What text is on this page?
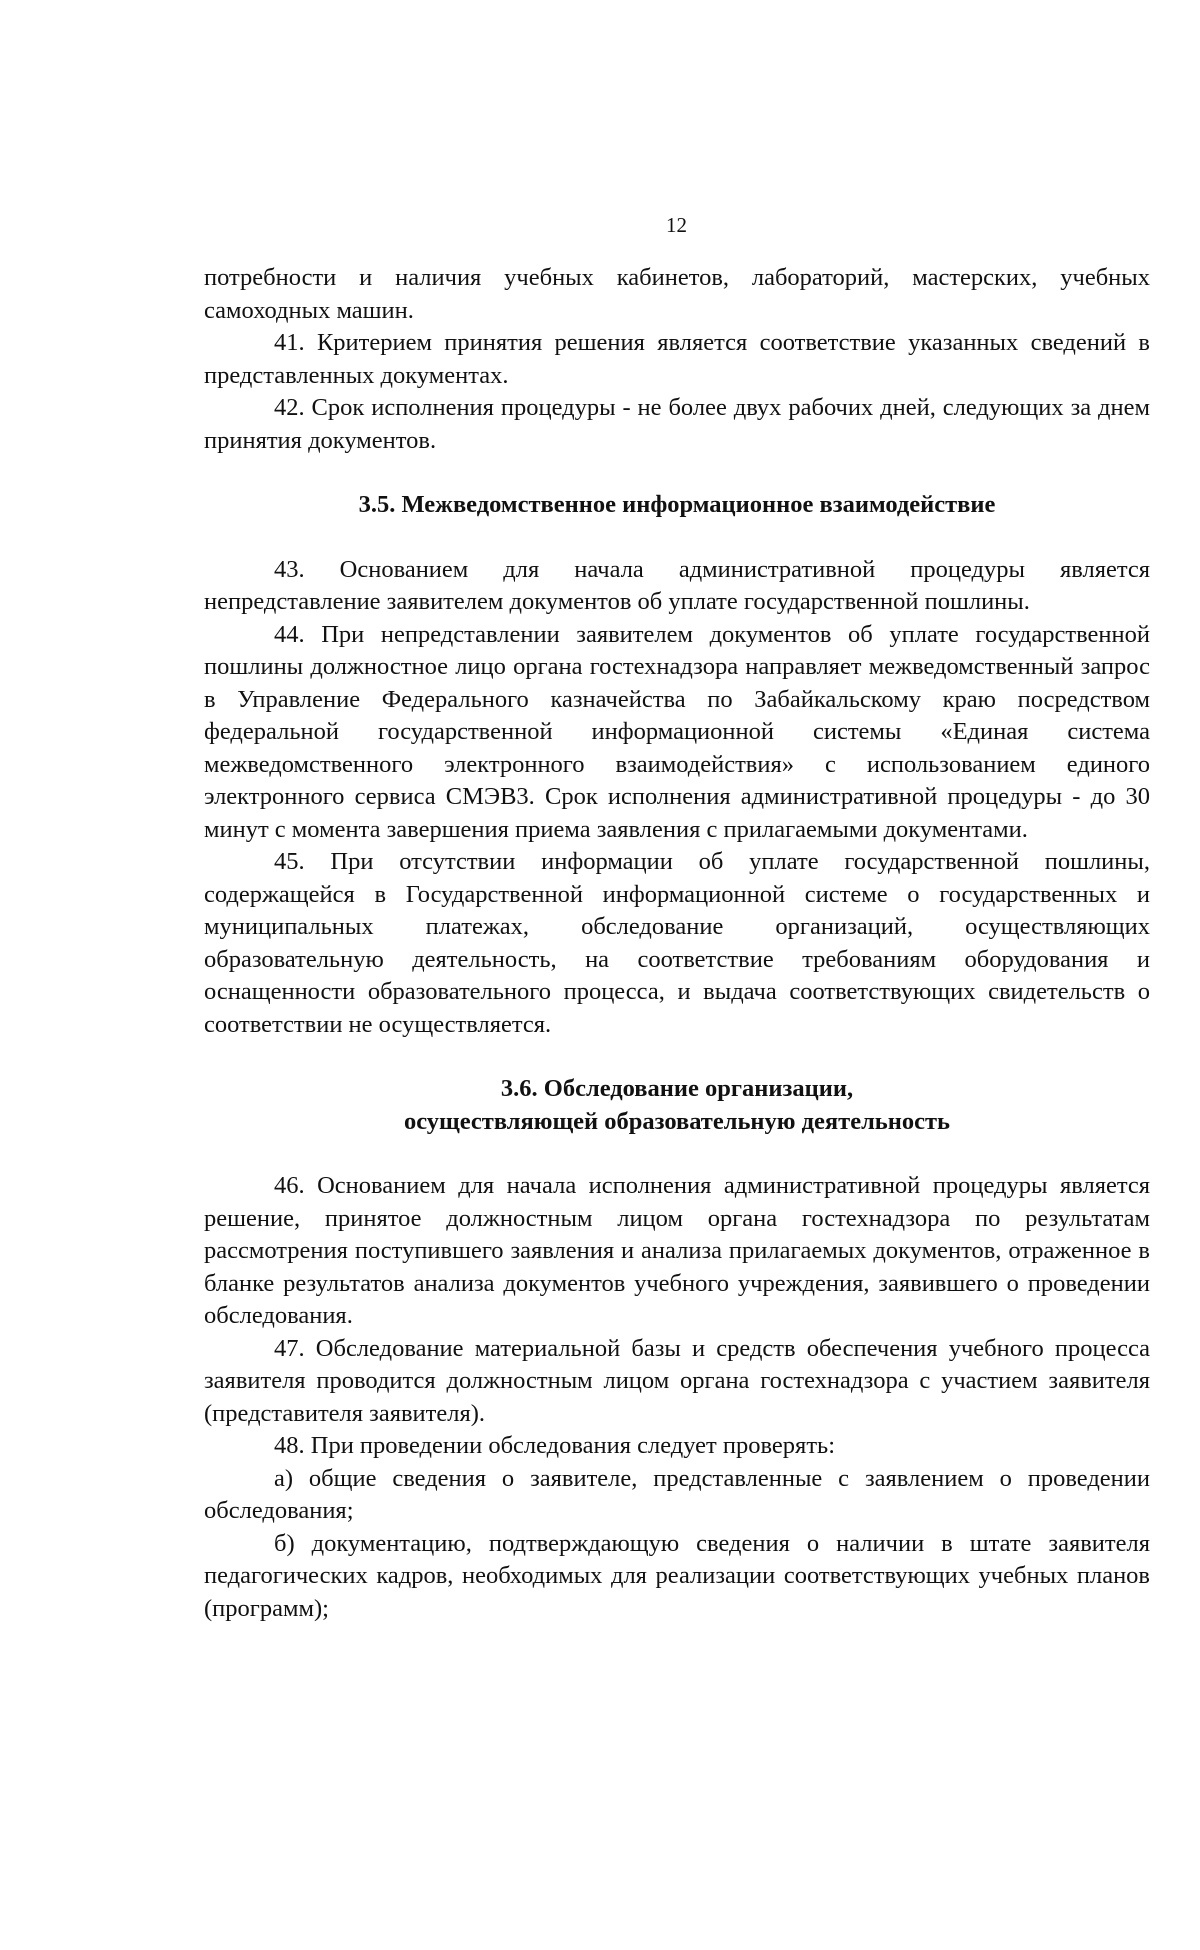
12

потребности и наличия учебных кабинетов, лабораторий, мастерских, учебных самоходных машин.

41. Критерием принятия решения является соответствие указанных сведений в представленных документах.

42. Срок исполнения процедуры - не более двух рабочих дней, следующих за днем принятия документов.

3.5. Межведомственное информационное взаимодействие

43. Основанием для начала административной процедуры является непредставление заявителем документов об уплате государственной пошлины.

44. При непредставлении заявителем документов об уплате государственной пошлины должностное лицо органа гостехнадзора направляет межведомственный запрос в Управление Федерального казначейства по Забайкальскому краю посредством федеральной государственной информационной системы «Единая система межведомственного электронного взаимодействия» с использованием единого электронного сервиса СМЭВ3. Срок исполнения административной процедуры - до 30 минут с момента завершения приема заявления с прилагаемыми документами.

45. При отсутствии информации об уплате государственной пошлины, содержащейся в Государственной информационной системе о государственных и муниципальных платежах, обследование организаций, осуществляющих образовательную деятельность, на соответствие требованиям оборудования и оснащенности образовательного процесса, и выдача соответствующих свидетельств о соответствии не осуществляется.

3.6. Обследование организации,

осуществляющей образовательную деятельность

46. Основанием для начала исполнения административной процедуры является решение, принятое должностным лицом органа гостехнадзора по результатам рассмотрения поступившего заявления и анализа прилагаемых документов, отраженное в бланке результатов анализа документов учебного учреждения, заявившего о проведении обследования.

47. Обследование материальной базы и средств обеспечения учебного процесса заявителя проводится должностным лицом органа гостехнадзора с участием заявителя (представителя заявителя).

48. При проведении обследования следует проверять:

а) общие сведения о заявителе, представленные с заявлением о проведении обследования;

б) документацию, подтверждающую сведения о наличии в штате заявителя педагогических кадров, необходимых для реализации соответствующих учебных планов (программ);
